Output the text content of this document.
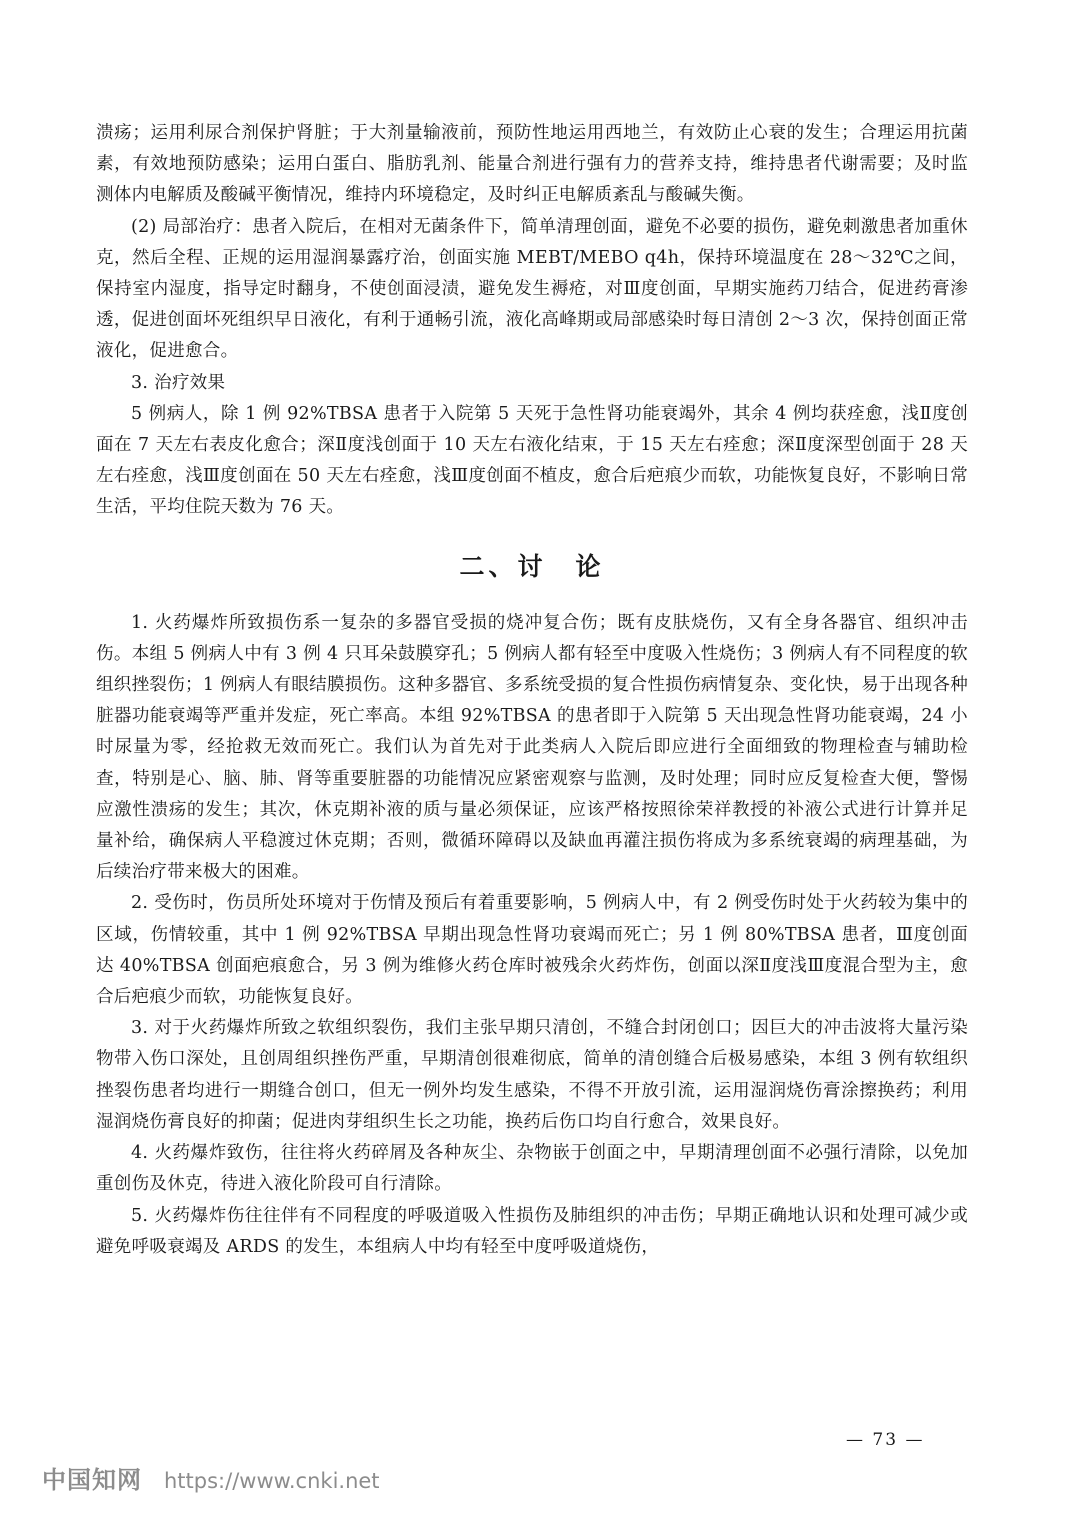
溃疡；运用利尿合剂保护肾脏；于大剂量输液前，预防性地运用西地兰，有效防止心衰的发生；合理运用抗菌素，有效地预防感染；运用白蛋白、脂肪乳剂、能量合剂进行强有力的营养支持，维持患者代谢需要；及时监测体内电解质及酸碱平衡情况，维持内环境稳定，及时纠正电解质紊乱与酸碱失衡。

(2) 局部治疗：患者入院后，在相对无菌条件下，简单清理创面，避免不必要的损伤，避免刺激患者加重休克，然后全程、正规的运用湿润暴露疗治，创面实施 MEBT/MEBO q4h，保持环境温度在 28～32℃之间，保持室内湿度，指导定时翻身，不使创面浸渍，避免发生褥疮，对Ⅲ度创面，早期实施药刀结合，促进药膏渗透，促进创面坏死组织早日液化，有利于通畅引流，液化高峰期或局部感染时每日清创 2～3 次，保持创面正常液化，促进愈合。

3. 治疗效果

5 例病人，除 1 例 92%TBSA 患者于入院第 5 天死于急性肾功能衰竭外，其余 4 例均获痊愈，浅Ⅱ度创面在 7 天左右表皮化愈合；深Ⅱ度浅创面于 10 天左右液化结束，于 15 天左右痊愈；深Ⅱ度深型创面于 28 天左右痊愈，浅Ⅲ度创面在 50 天左右痊愈，浅Ⅲ度创面不植皮，愈合后疤痕少而软，功能恢复良好，不影响日常生活，平均住院天数为 76 天。

二、讨　论

1. 火药爆炸所致损伤系一复杂的多器官受损的烧冲复合伤；既有皮肤烧伤，又有全身各器官、组织冲击伤。本组 5 例病人中有 3 例 4 只耳朵鼓膜穿孔；5 例病人都有轻至中度吸入性烧伤；3 例病人有不同程度的软组织挫裂伤；1 例病人有眼结膜损伤。这种多器官、多系统受损的复合性损伤病情复杂、变化快，易于出现各种脏器功能衰竭等严重并发症，死亡率高。本组 92%TBSA 的患者即于入院第 5 天出现急性肾功能衰竭，24 小时尿量为零，经抢救无效而死亡。我们认为首先对于此类病人入院后即应进行全面细致的物理检查与辅助检查，特别是心、脑、肺、肾等重要脏器的功能情况应紧密观察与监测，及时处理；同时应反复检查大便，警惕应激性溃疡的发生；其次，休克期补液的质与量必须保证，应该严格按照徐荣祥教授的补液公式进行计算并足量补给，确保病人平稳渡过休克期；否则，微循环障碍以及缺血再灌注损伤将成为多系统衰竭的病理基础，为后续治疗带来极大的困难。

2. 受伤时，伤员所处环境对于伤情及预后有着重要影响，5 例病人中，有 2 例受伤时处于火药较为集中的区域，伤情较重，其中 1 例 92%TBSA 早期出现急性肾功衰竭而死亡；另 1 例 80%TBSA 患者，Ⅲ度创面达 40%TBSA 创面疤痕愈合，另 3 例为维修火药仓库时被残余火药炸伤，创面以深Ⅱ度浅Ⅲ度混合型为主，愈合后疤痕少而软，功能恢复良好。

3. 对于火药爆炸所致之软组织裂伤，我们主张早期只清创，不缝合封闭创口；因巨大的冲击波将大量污染物带入伤口深处，且创周组织挫伤严重，早期清创很难彻底，简单的清创缝合后极易感染，本组 3 例有软组织挫裂伤患者均进行一期缝合创口，但无一例外均发生感染，不得不开放引流，运用湿润烧伤膏涂擦换药；利用湿润烧伤膏良好的抑菌；促进肉芽组织生长之功能，换药后伤口均自行愈合，效果良好。

4. 火药爆炸致伤，往往将火药碎屑及各种灰尘、杂物嵌于创面之中，早期清理创面不必强行清除，以免加重创伤及休克，待进入液化阶段可自行清除。

5. 火药爆炸伤往往伴有不同程度的呼吸道吸入性损伤及肺组织的冲击伤；早期正确地认识和处理可减少或避免呼吸衰竭及 ARDS 的发生，本组病人中均有轻至中度呼吸道烧伤，

— 73 —
中国知网 https://www.cnki.net
